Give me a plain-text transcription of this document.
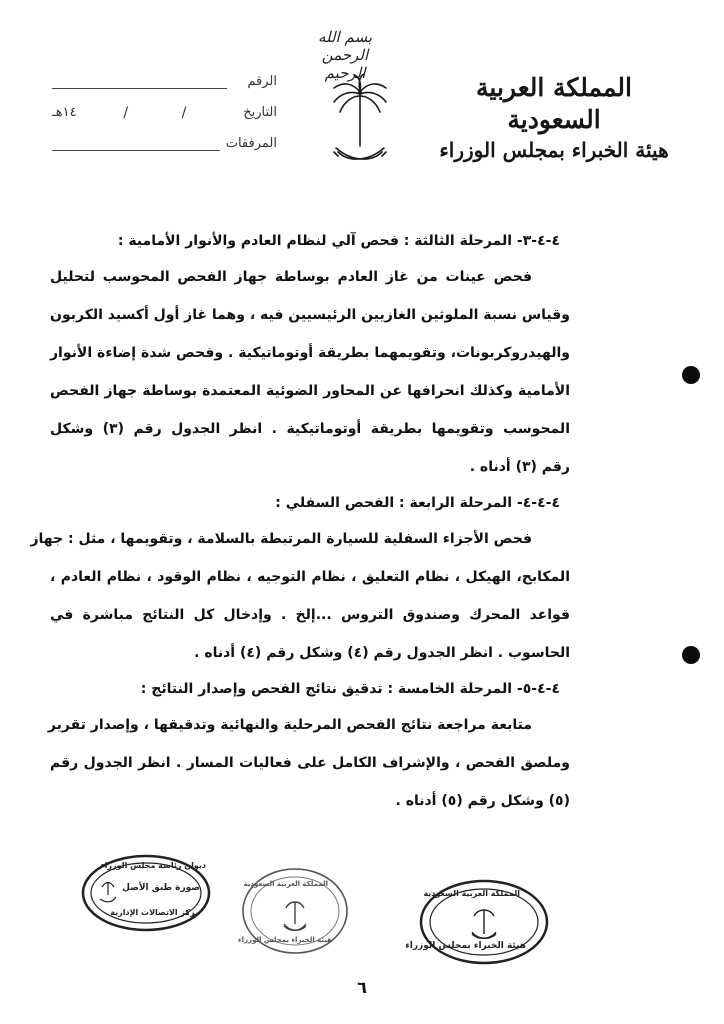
بسم الله الرحمن الرحيم	المملكة العربية السعودية
هيئة الخبراء بمجلس الوزراء
الرقم
التاريخ
/
/
١٤هـ
المرفقات
٤-٤-٣- المرحلة الثالثة : فحص آلي لنظام العادم والأنوار الأمامية :
فحص عينات من غاز العادم بوساطة جهاز الفحص المحوسب لتحليل
وقياس نسبة الملوثين الغازيين الرئيسيين فيه ، وهما غاز أول أكسيد الكربون
والهيدروكربونات، وتقويمهما بطريقة أوتوماتيكية . وفحص شدة إضاءة الأنوار
الأمامية وكذلك انحرافها عن المحاور الضوئية المعتمدة بوساطة جهاز الفحص
المحوسب وتقويمها بطريقة أوتوماتيكية . انظر الجدول رقم (٣) وشكل
رقم (٣) أدناه .
٤-٤-٤- المرحلة الرابعة : الفحص السفلي :
فحص الأجزاء السفلية للسيارة المرتبطة بالسلامة ، وتقويمها ، مثل : جهاز
المكابح، الهيكل ، نظام التعليق ، نظام التوجيه ، نظام الوقود ، نظام العادم ،
قواعد المحرك وصندوق التروس ...إلخ . وإدخال كل النتائج مباشرة في
الحاسوب . انظر الجدول رقم (٤) وشكل رقم (٤) أدناه .
٤-٤-٥- المرحلة الخامسة : تدقيق نتائج الفحص وإصدار النتائج :
متابعة مراجعة نتائج الفحص المرحلية والنهائية وتدقيقها ، وإصدار تقرير
وملصق الفحص ، والإشراف الكامل على فعاليات المسار . انظر الجدول رقم
(٥) وشكل رقم (٥) أدناه .
ديوان رئاسة مجلس الوزراء
صورة طبق الأصل
مركز الاتصالات الإدارية
المملكة العربية السعودية
هيئة الخبراء بمجلس الوزراء
المملكة العربية السعودية
هيئة الخبراء بمجلس الوزراء
٦
